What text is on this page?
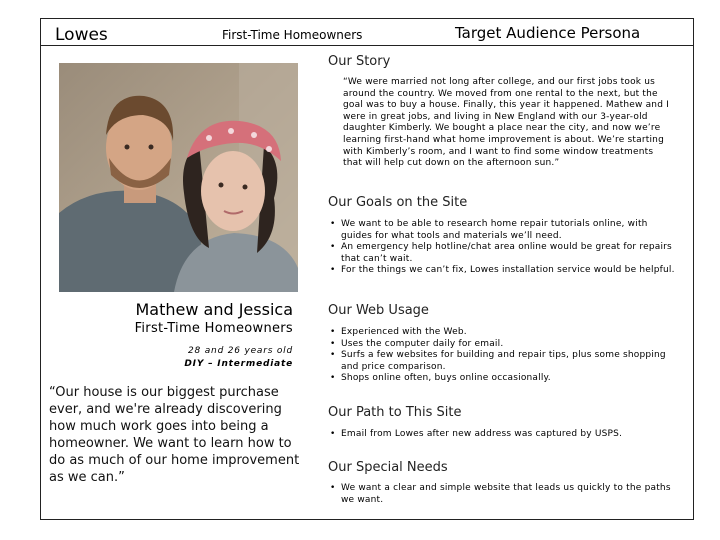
Lowes	First-Time Homeowners	Target Audience Persona
Mathew and Jessica
First-Time Homeowners
28 and 26 years old
DIY – Intermediate
“Our house is our biggest purchase ever, and we're already discovering how much work goes into being a homeowner. We want to learn how to do as much of our home improvement as we can.”
Our Story
“We were married not long after college, and our first jobs took us around the country. We moved from one rental to the next, but the goal was to buy a house. Finally, this year it happened. Mathew and I were in great jobs, and living in New England with our 3-year-old daughter Kimberly. We bought a place near the city, and now we’re learning first-hand what home improvement is about. We’re starting with Kimberly’s room, and I want to find some window treatments that will help cut down on the afternoon sun.”
Our Goals on the Site
• We want to be able to research home repair tutorials online, with guides for what tools and materials we’ll need.
• An emergency help hotline/chat area online would be great for repairs that can’t wait.
• For the things we can’t fix, Lowes installation service would be helpful.
Our Web Usage
• Experienced with the Web.
• Uses the computer daily for email.
• Surfs a few websites for building and repair tips, plus some shopping and price comparison.
• Shops online often, buys online occasionally.
Our Path to This Site
• Email from Lowes after new address was captured by USPS.
Our Special Needs
• We want a clear and simple website that leads us quickly to the paths we want.
